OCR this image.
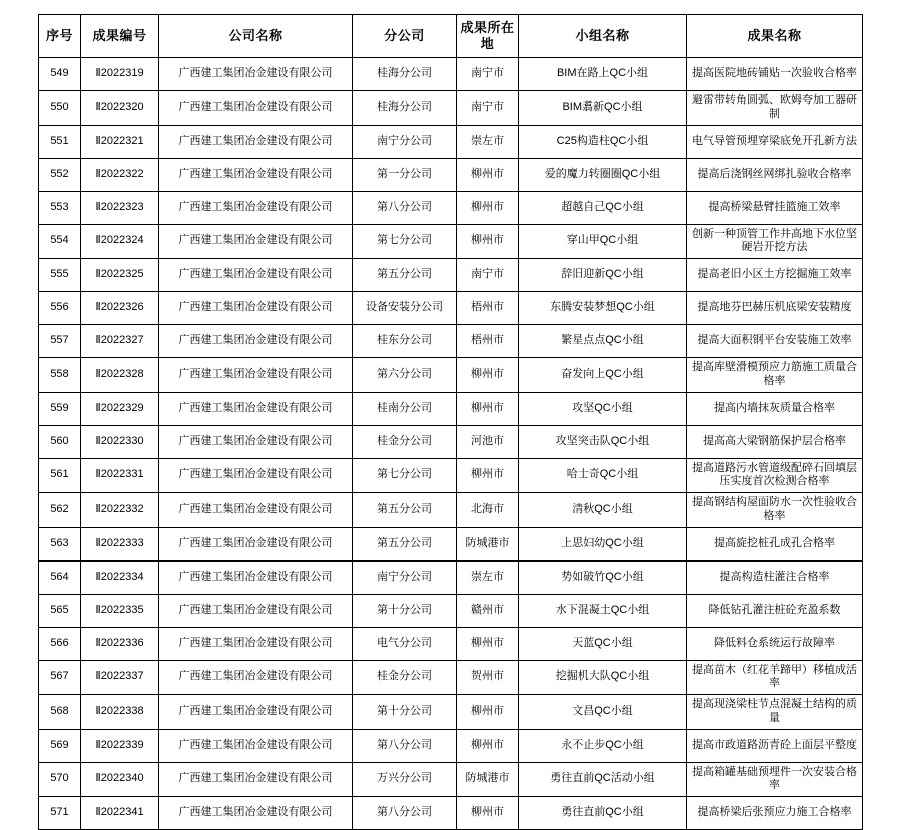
序号	成果编号	公司名称	分公司	成果所在地	小组名称	成果名称
549	Ⅱ2022319	广西建工集团冶金建设有限公司	桂海分公司	南宁市	BIM在路上QC小组	提高医院地砖铺贴一次验收合格率
550	Ⅱ2022320	广西建工集团冶金建设有限公司	桂海分公司	南宁市	BIM翥新QC小组	避雷带转角圆弧、欧姆夸加工器研制
551	Ⅱ2022321	广西建工集团冶金建设有限公司	南宁分公司	崇左市	C25构造柱QC小组	电气导管预埋穿梁底免开孔新方法
552	Ⅱ2022322	广西建工集团冶金建设有限公司	第一分公司	柳州市	爱的魔力转圈圈QC小组	提高后浇钢丝网绑扎验收合格率
553	Ⅱ2022323	广西建工集团冶金建设有限公司	第八分公司	柳州市	超越自己QC小组	提高桥梁悬臂挂篮施工效率
554	Ⅱ2022324	广西建工集团冶金建设有限公司	第七分公司	柳州市	穿山甲QC小组	创新一种顶管工作井高地下水位坚硬岩开挖方法
555	Ⅱ2022325	广西建工集团冶金建设有限公司	第五分公司	南宁市	辞旧迎新QC小组	提高老旧小区土方挖掘施工效率
556	Ⅱ2022326	广西建工集团冶金建设有限公司	设备安装分公司	梧州市	东腾安装梦想QC小组	提高地芬巴赫压机底梁安装精度
557	Ⅱ2022327	广西建工集团冶金建设有限公司	桂东分公司	梧州市	繁星点点QC小组	提高大面积钢平台安装施工效率
558	Ⅱ2022328	广西建工集团冶金建设有限公司	第六分公司	柳州市	奋发向上QC小组	提高库壁滑模预应力筋施工质量合格率
559	Ⅱ2022329	广西建工集团冶金建设有限公司	桂南分公司	柳州市	攻坚QC小组	提高内墙抹灰质量合格率
560	Ⅱ2022330	广西建工集团冶金建设有限公司	桂金分公司	河池市	攻坚突击队QC小组	提高高大梁钢筋保护层合格率
561	Ⅱ2022331	广西建工集团冶金建设有限公司	第七分公司	柳州市	哈士奇QC小组	提高道路污水管道级配碎石回填层压实度首次检测合格率
562	Ⅱ2022332	广西建工集团冶金建设有限公司	第五分公司	北海市	清秋QC小组	提高钢结构屋面防水一次性验收合格率
563	Ⅱ2022333	广西建工集团冶金建设有限公司	第五分公司	防城港市	上思妇幼QC小组	提高旋挖桩孔成孔合格率
564	Ⅱ2022334	广西建工集团冶金建设有限公司	南宁分公司	崇左市	势如破竹QC小组	提高构造柱灌注合格率
565	Ⅱ2022335	广西建工集团冶金建设有限公司	第十分公司	赣州市	水下混凝土QC小组	降低钻孔灌注桩砼充盈系数
566	Ⅱ2022336	广西建工集团冶金建设有限公司	电气分公司	柳州市	天蓝QC小组	降低料仓系统运行故障率
567	Ⅱ2022337	广西建工集团冶金建设有限公司	桂金分公司	贺州市	挖掘机大队QC小组	提高苗木（红花羊蹄甲）移植成活率
568	Ⅱ2022338	广西建工集团冶金建设有限公司	第十分公司	柳州市	文昌QC小组	提高现浇梁柱节点混凝土结构的质量
569	Ⅱ2022339	广西建工集团冶金建设有限公司	第八分公司	柳州市	永不止步QC小组	提高市政道路沥青砼上面层平整度
570	Ⅱ2022340	广西建工集团冶金建设有限公司	万兴分公司	防城港市	勇往直前QC活动小组	提高箱罐基础预埋件一次安装合格率
571	Ⅱ2022341	广西建工集团冶金建设有限公司	第八分公司	柳州市	勇往直前QC小组	提高桥梁后张预应力施工合格率
